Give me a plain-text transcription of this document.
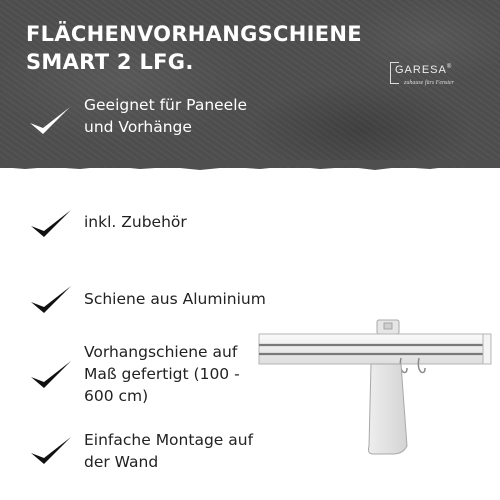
FLÄCHENVORHANGSCHIENE
SMART 2 LFG.	GARESA®
zuhause fürs Fenster
Geeignet für Paneele
und Vorhänge
inkl. Zubehör
Schiene aus Aluminium
Vorhangschiene auf
Maß gefertigt (100 -
600 cm)
Einfache Montage auf
der Wand
